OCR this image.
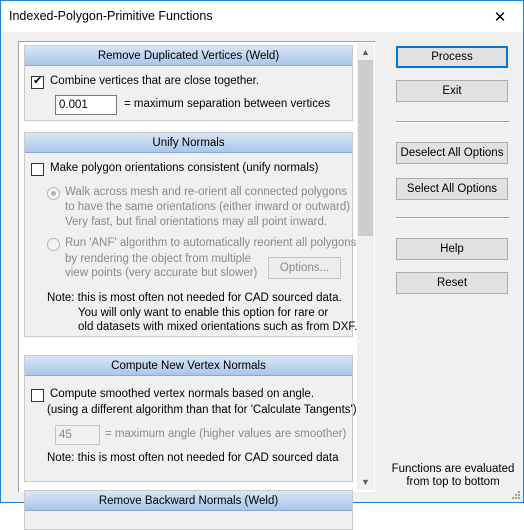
Indexed-Polygon-Primitive Functions	✕
Remove Duplicated Vertices (Weld)
✔ Combine vertices that are close together.
0.001	= maximum separation between vertices
Unify Normals
Make polygon orientations consistent (unify normals)
Walk across mesh and re-orient all connected polygons
to have the same orientations (either inward or outward)
Very fast, but final orientations may all point inward.
Run 'ANF' algorithm to automatically reorient all polygons
by rendering the object from multiple
view points (very accurate but slower)	Options...
Note: this is most often not needed for CAD sourced data.
You will only want to enable this option for rare or
old datasets with mixed orientations such as from DXF.
Compute New Vertex Normals
Compute smoothed vertex normals based on angle.
(using a different algorithm than that for 'Calculate Tangents')
45	= maximum angle (higher values are smoother)
Note: this is most often not needed for CAD sourced data
Remove Backward Normals (Weld)
▲
▼
Process
Exit
Deselect All Options
Select All Options
Help
Reset
Functions are evaluated
from top to bottom
